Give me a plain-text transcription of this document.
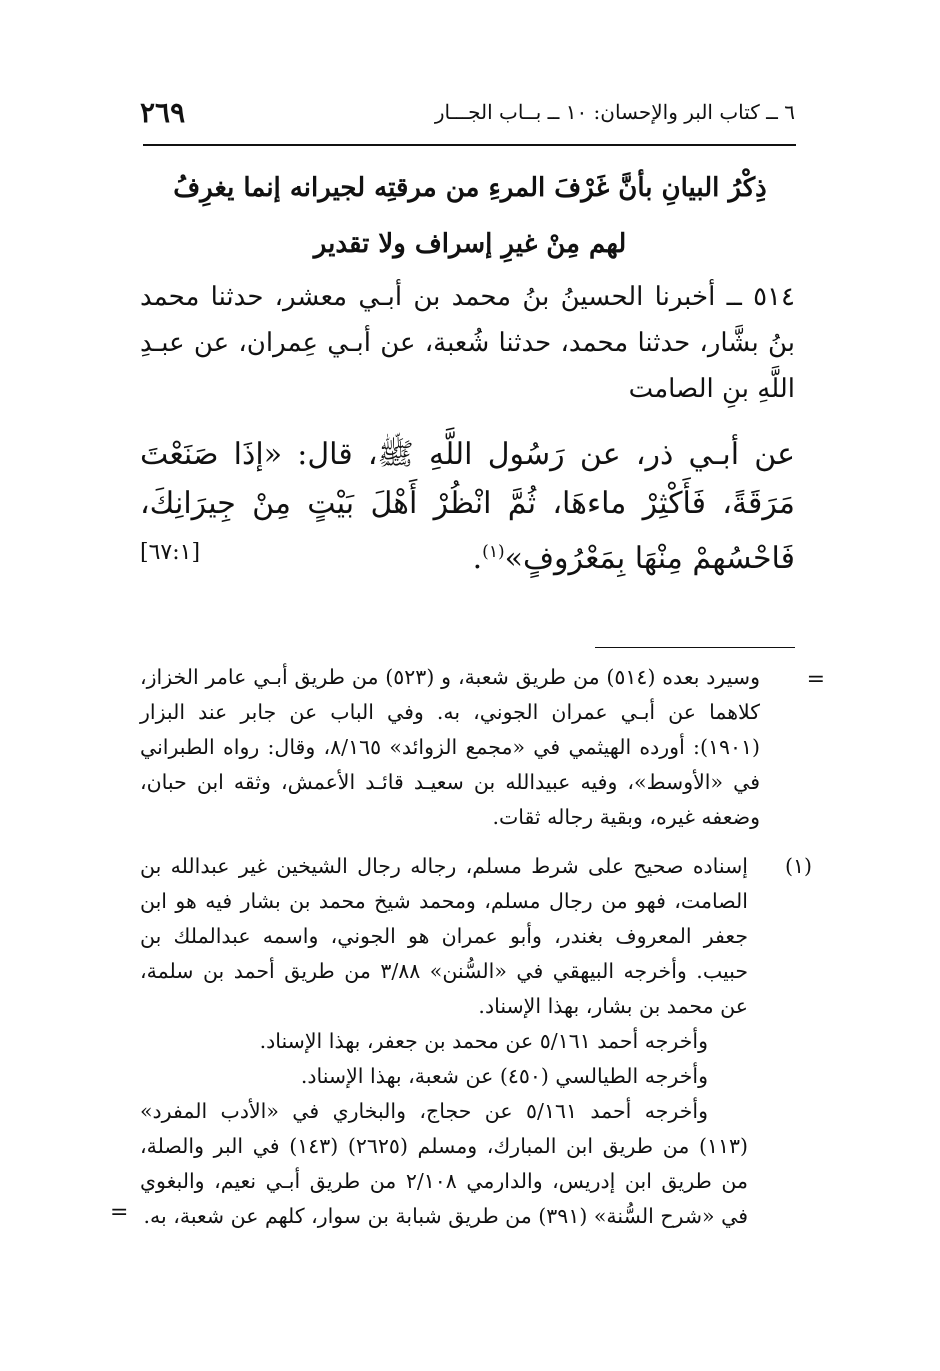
٦ ــ كتاب البر والإحسان: ١٠ ــ بــاب الجـــار
٢٦٩
ذِكْرُ البيانِ بأنَّ غَرْفَ المرءِ من مرقتِه لجيرانه إنما يغرِفُ
لهم مِنْ غيرِ إسراف ولا تقدير

٥١٤ ــ أخبرنا الحسينُ بنُ محمد بن أبـي معشر، حدثنا محمد بنُ بشَّار، حدثنا محمد، حدثنا شُعبة، عن أبـي عِمران، عن عبـدِ اللَّهِ بنِ الصامت

عن أبـي ذر، عن رَسُول اللَّهِ ﷺ، قال: «إذَا صَنَعْتَ مَرَقَةً، فَأَكْثِرْ ماءهَا، ثُمَّ انْظُرْ أَهْلَ بَيْتٍ مِنْ جِيرَانِكَ، فَاحْسُهمْ مِنْهَا بِمَعْرُوفٍ»$^{(١)}$.
[٦٧:١]

=

وسيرد بعده (٥١٤) من طريق شعبة، و (٥٢٣) من طريق أبـي عامر الخزاز، كلاهما عن أبـي عمران الجوني، به. وفي الباب عن جابر عند البزار (١٩٠١): أورده الهيثمي في «مجمع الزوائد» ٨/١٦٥، وقال: رواه الطبراني في «الأوسط»، وفيه عبيدالله بن سعيـد قائـد الأعمش، وثقه ابن حبان، وضعفه غيره، وبقية رجاله ثقات.

(١)

إسناده صحيح على شرط مسلم، رجاله رجال الشيخين غير عبدالله بن الصامت، فهو من رجال مسلم، ومحمد شيخ محمد بن بشار فيه هو ابن جعفر المعروف بغندر، وأبو عمران هو الجوني، واسمه عبدالملك بن حبيب. وأخرجه البيهقي في «السُّنن» ٣/٨٨ من طريق أحمد بن سلمة، عن محمد بن بشار، بهذا الإسناد.

وأخرجه أحمد ٥/١٦١ عن محمد بن جعفر، بهذا الإسناد.

وأخرجه الطيالسي (٤٥٠) عن شعبة، بهذا الإسناد.

وأخرجه أحمد ٥/١٦١ عن حجاج، والبخاري في «الأدب المفرد» (١١٣) من طريق ابن المبارك، ومسلم (٢٦٢٥) (١٤٣) في البر والصلة، من طريق ابن إدريس، والدارمي ٢/١٠٨ من طريق أبـي نعيم، والبغوي في «شرح السُّنة» (٣٩١) من طريق شبابة بن سوار، كلهم عن شعبة، به.

=
